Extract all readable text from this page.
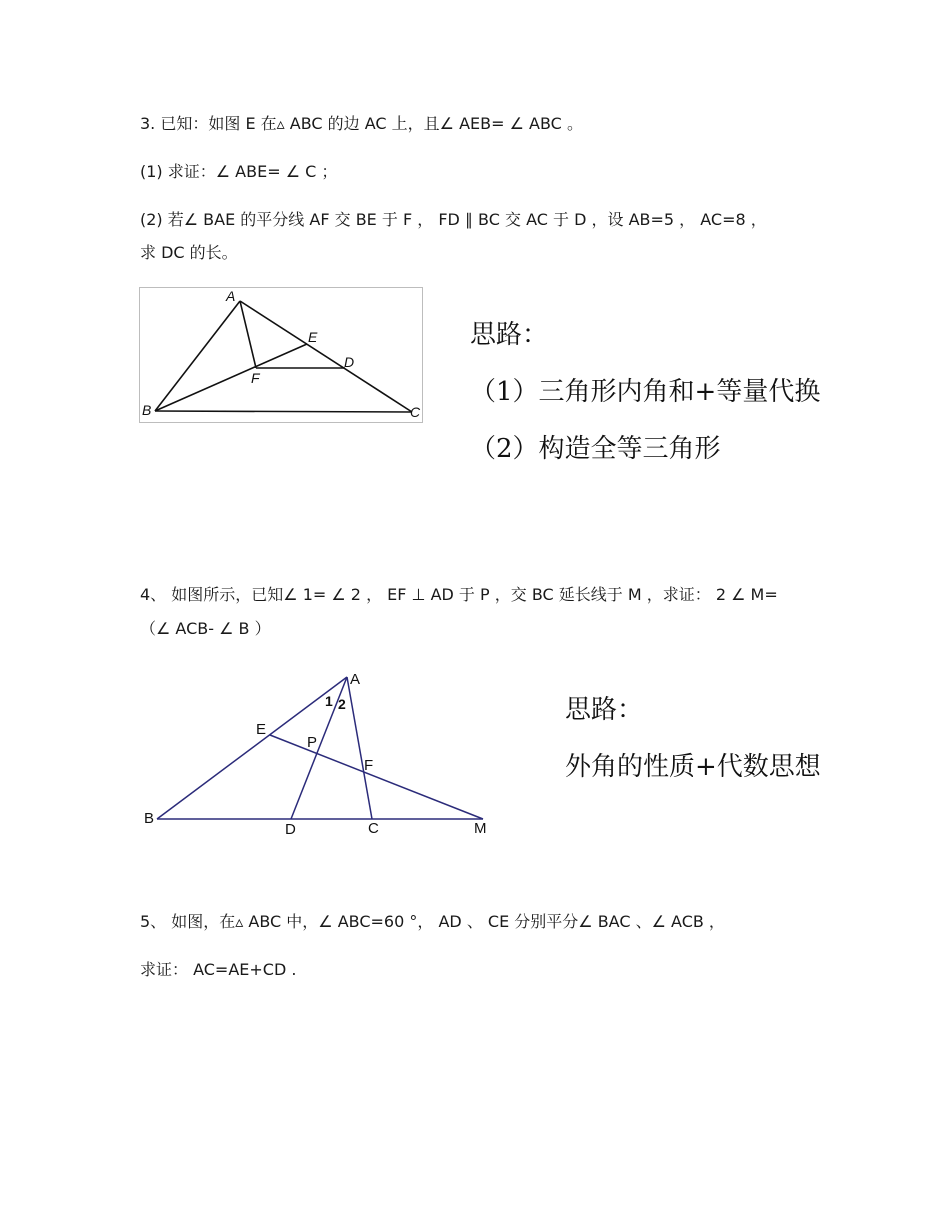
3. 已知：如图 E 在▵ ABC 的边 AC 上，且∠ AEB= ∠ ABC 。
(1) 求证：∠ ABE= ∠ C ；
(2) 若∠ BAE 的平分线 AF 交 BE 于 F ， FD ∥ BC 交 AC 于 D ，设 AB=5 ， AC=8 ，
求 DC 的长。
A
B	C
D
E
F
思路：
（1）三角形内角和+等量代换
（2）构造全等三角形
4、 如图所示，已知∠ 1= ∠ 2 ， EF ⊥ AD 于 P ，交 BC 延长线于 M ，求证： 2 ∠ M=
（∠ ACB- ∠ B ）
A
B
C
D
E
F
M
P
1 2	思路：
外角的性质+代数思想
5、 如图，在▵ ABC 中，∠ ABC=60 °， AD 、 CE 分别平分∠ BAC 、∠ ACB ，
求证： AC=AE+CD .
